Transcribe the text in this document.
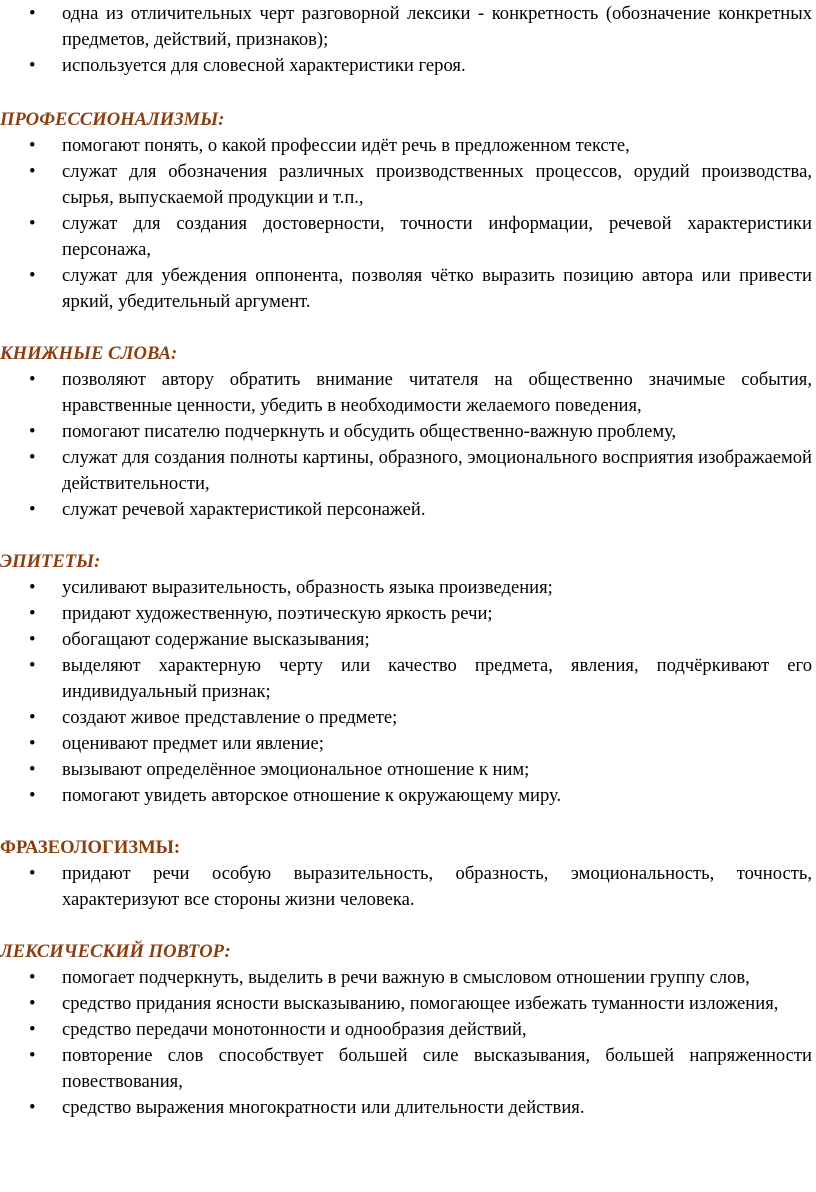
• одна из отличительных черт разговорной лексики - конкретность (обозначение конкретных предметов, действий, признаков);
• используется для словесной характеристики героя.
ПРОФЕССИОНАЛИЗМЫ:
• помогают понять, о какой профессии идёт речь в предложенном тексте,
• служат для обозначения различных производственных процессов, орудий производства, сырья, выпускаемой продукции и т.п.,
• служат для создания достоверности, точности информации, речевой характеристики персонажа,
• служат для убеждения оппонента, позволяя чётко выразить позицию автора или привести яркий, убедительный аргумент.
КНИЖНЫЕ СЛОВА:
• позволяют автору обратить внимание читателя на общественно значимые события, нравственные ценности, убедить в необходимости желаемого поведения,
• помогают писателю подчеркнуть и обсудить общественно-важную проблему,
• служат для создания полноты картины, образного, эмоционального восприятия изображаемой действительности,
• служат речевой характеристикой персонажей.
ЭПИТЕТЫ:
• усиливают выразительность, образность языка произведения;
• придают художественную, поэтическую яркость речи;
• обогащают содержание высказывания;
• выделяют характерную черту или качество предмета, явления, подчёркивают его индивидуальный признак;
• создают живое представление о предмете;
• оценивают предмет или явление;
• вызывают определённое эмоциональное отношение к ним;
• помогают увидеть авторское отношение к окружающему миру.
ФРАЗЕОЛОГИЗМЫ:
• придают речи особую выразительность, образность, эмоциональность, точность, характеризуют все стороны жизни человека.
ЛЕКСИЧЕСКИЙ ПОВТОР:
• помогает подчеркнуть, выделить в речи важную в смысловом отношении группу слов,
• средство придания ясности высказыванию, помогающее избежать туманности изложения,
• средство передачи монотонности и однообразия действий,
• повторение слов способствует большей силе высказывания, большей напряженности повествования,
• средство выражения многократности или длительности действия.
